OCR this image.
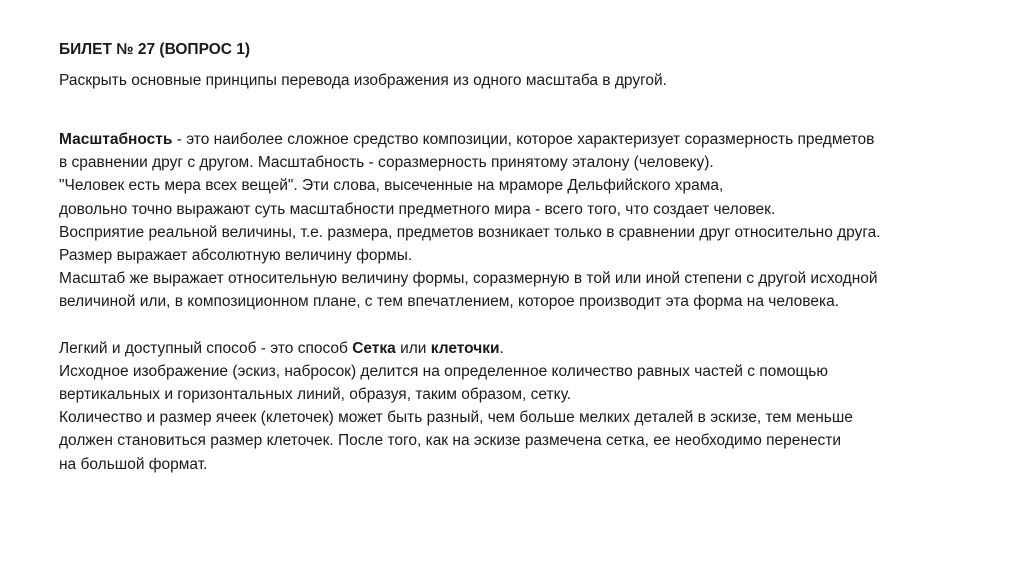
БИЛЕТ № 27 (ВОПРОС 1)
Раскрыть основные принципы перевода изображения из одного масштаба в другой.
Масштабность - это наиболее сложное средство композиции, которое характеризует соразмерность предметов
в сравнении друг с другом. Масштабность - соразмерность принятому эталону (человеку).
"Человек есть мера всех вещей". Эти слова, высеченные на мраморе Дельфийского храма,
довольно точно выражают суть масштабности предметного мира - всего того, что создает человек.
Восприятие реальной величины, т.е. размера, предметов возникает только в сравнении друг относительно друга.
Размер выражает абсолютную величину формы.
Масштаб же выражает относительную величину формы, соразмерную в той или иной степени с другой исходной
величиной или, в композиционном плане, с тем впечатлением, которое производит эта форма на человека.
Легкий и доступный способ - это способ Сетка или клеточки.
Исходное изображение (эскиз, набросок) делится на определенное количество равных частей с помощью
вертикальных и горизонтальных линий, образуя, таким образом, сетку.
Количество и размер ячеек (клеточек) может быть разный, чем больше мелких деталей в эскизе, тем меньше
должен становиться размер клеточек. После того, как на эскизе размечена сетка, ее необходимо перенести
на большой формат.
